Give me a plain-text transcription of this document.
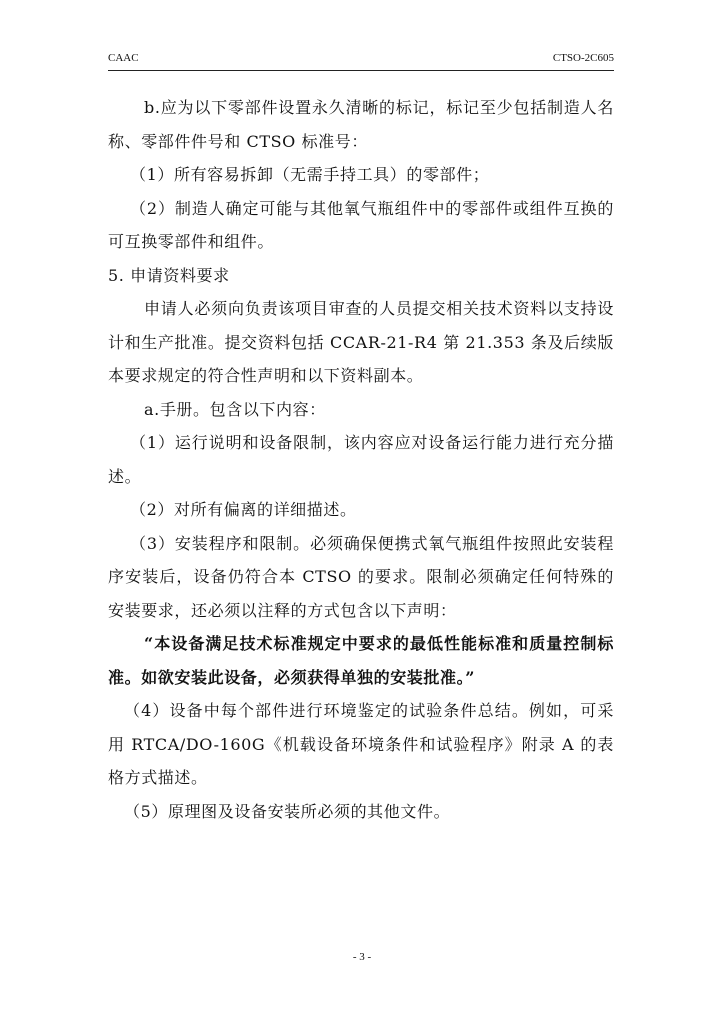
CAAC	CTSO-2C605

b.应为以下零部件设置永久清晰的标记，标记至少包括制造人名称、零部件件号和 CTSO 标准号：

（1）所有容易拆卸（无需手持工具）的零部件；

（2）制造人确定可能与其他氧气瓶组件中的零部件或组件互换的可互换零部件和组件。

5. 申请资料要求

申请人必须向负责该项目审查的人员提交相关技术资料以支持设计和生产批准。提交资料包括 CCAR-21-R4 第 21.353 条及后续版本要求规定的符合性声明和以下资料副本。

a.手册。包含以下内容：

（1）运行说明和设备限制，该内容应对设备运行能力进行充分描述。

（2）对所有偏离的详细描述。

（3）安装程序和限制。必须确保便携式氧气瓶组件按照此安装程序安装后，设备仍符合本 CTSO 的要求。限制必须确定任何特殊的安装要求，还必须以注释的方式包含以下声明：

“本设备满足技术标准规定中要求的最低性能标准和质量控制标准。如欲安装此设备，必须获得单独的安装批准。”

（4）设备中每个部件进行环境鉴定的试验条件总结。例如，可采用 RTCA/DO-160G《机载设备环境条件和试验程序》附录 A 的表格方式描述。

（5）原理图及设备安装所必须的其他文件。

- 3 -
